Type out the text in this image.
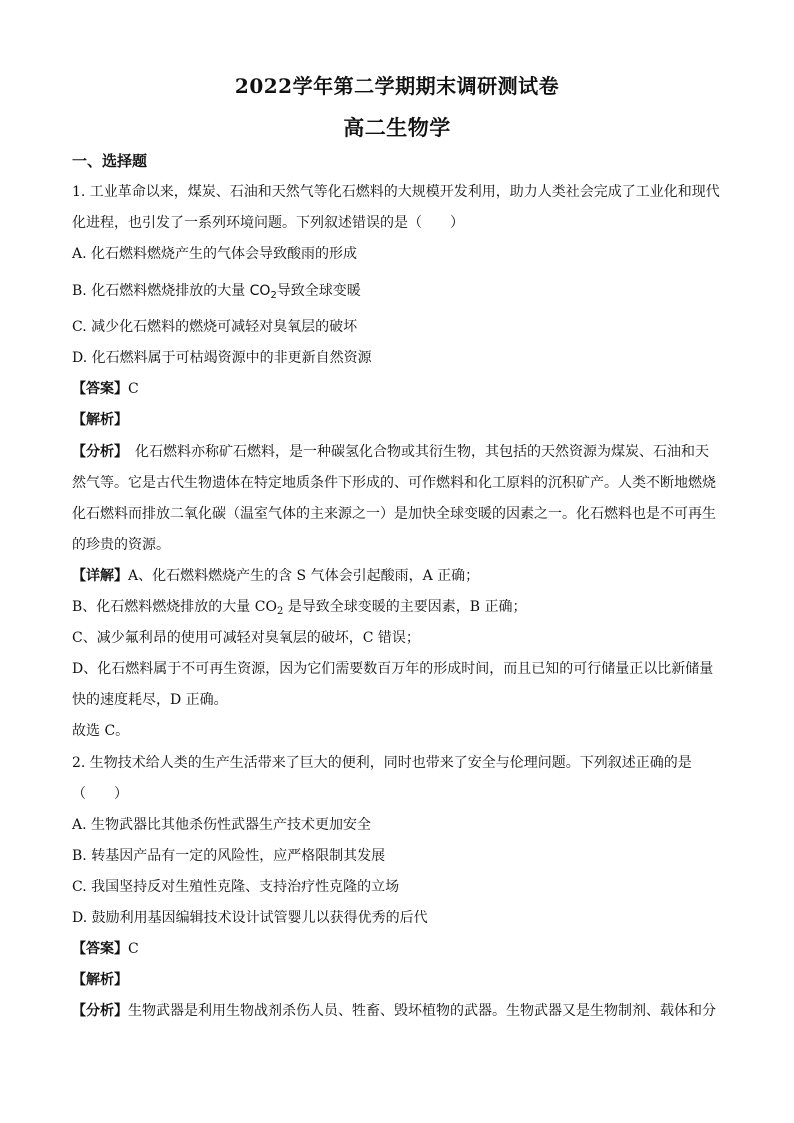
2022学年第二学期期末调研测试卷
高二生物学
一、选择题
1. 工业革命以来，煤炭、石油和天然气等化石燃料的大规模开发利用，助力人类社会完成了工业化和现代
化进程，也引发了一系列环境问题。下列叙述错误的是（　　）
A. 化石燃料燃烧产生的气体会导致酸雨的形成
B. 化石燃料燃烧排放的大量 $CO_2$导致全球变暖
C. 减少化石燃料的燃烧可减轻对臭氧层的破坏
D. 化石燃料属于可枯竭资源中的非更新自然资源
【答案】C
【解析】
【分析】　化石燃料亦称矿石燃料，是一种碳氢化合物或其衍生物，其包括的天然资源为煤炭、石油和天
然气等。它是古代生物遗体在特定地质条件下形成的、可作燃料和化工原料的沉积矿产。人类不断地燃烧
化石燃料而排放二氧化碳（温室气体的主来源之一）是加快全球变暖的因素之一。化石燃料也是不可再生
的珍贵的资源。
【详解】A、化石燃料燃烧产生的含 S 气体会引起酸雨，A 正确；
B、化石燃料燃烧排放的大量 $CO_2$ 是导致全球变暖的主要因素，B 正确；
C、减少氟利昂的使用可减轻对臭氧层的破坏，C 错误；
D、化石燃料属于不可再生资源，因为它们需要数百万年的形成时间，而且已知的可行储量正以比新储量
快的速度耗尽，D 正确。
故选 C。
2. 生物技术给人类的生产生活带来了巨大的便利，同时也带来了安全与伦理问题。下列叙述正确的是
（　　）
A. 生物武器比其他杀伤性武器生产技术更加安全
B. 转基因产品有一定的风险性，应严格限制其发展
C. 我国坚持反对生殖性克隆、支持治疗性克隆的立场
D. 鼓励利用基因编辑技术设计试管婴儿以获得优秀的后代
【答案】C
【解析】
【分析】生物武器是利用生物战剂杀伤人员、牲畜、毁坏植物的武器。生物武器又是生物制剂、载体和分
